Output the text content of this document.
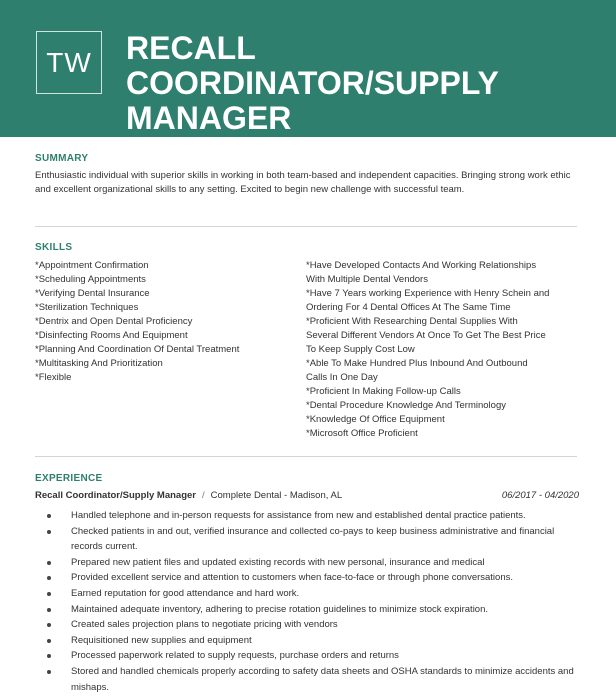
TW	RECALL
COORDINATOR/SUPPLY
MANAGER
SUMMARY
Enthusiastic individual with superior skills in working in both team-based and independent capacities. Bringing strong work ethic and excellent organizational skills to any setting. Excited to begin new challenge with successful team.
SKILLS
*Appointment Confirmation
*Scheduling Appointments
*Verifying Dental Insurance
*Sterilization Techniques
*Dentrix and Open Dental Proficiency
*Disinfecting Rooms And Equipment
*Planning And Coordination Of Dental Treatment
*Multitasking And Prioritization
*Flexible
*Have Developed Contacts And Working Relationships
With Multiple Dental Vendors
*Have 7 Years working Experience with Henry Schein and
Ordering For 4 Dental Offices At The Same Time
*Proficient With Researching Dental Supplies With
Several Different Vendors At Once To Get The Best Price
To Keep Supply Cost Low
*Able To Make Hundred Plus Inbound And Outbound
Calls In One Day
*Proficient In Making Follow-up Calls
*Dental Procedure Knowledge And Terminology
*Knowledge Of Office Equipment
*Microsoft Office Proficient
EXPERIENCE
Recall Coordinator/Supply Manager / Complete Dental - Madison, AL	06/2017 - 04/2020
Handled telephone and in-person requests for assistance from new and established dental practice patients.
Checked patients in and out, verified insurance and collected co-pays to keep business administrative and financial records current.
Prepared new patient files and updated existing records with new personal, insurance and medical
Provided excellent service and attention to customers when face-to-face or through phone conversations.
Earned reputation for good attendance and hard work.
Maintained adequate inventory, adhering to precise rotation guidelines to minimize stock expiration.
Created sales projection plans to negotiate pricing with vendors
Requisitioned new supplies and equipment
Processed paperwork related to supply requests, purchase orders and returns
Stored and handled chemicals properly according to safety data sheets and OSHA standards to minimize accidents and mishaps.
